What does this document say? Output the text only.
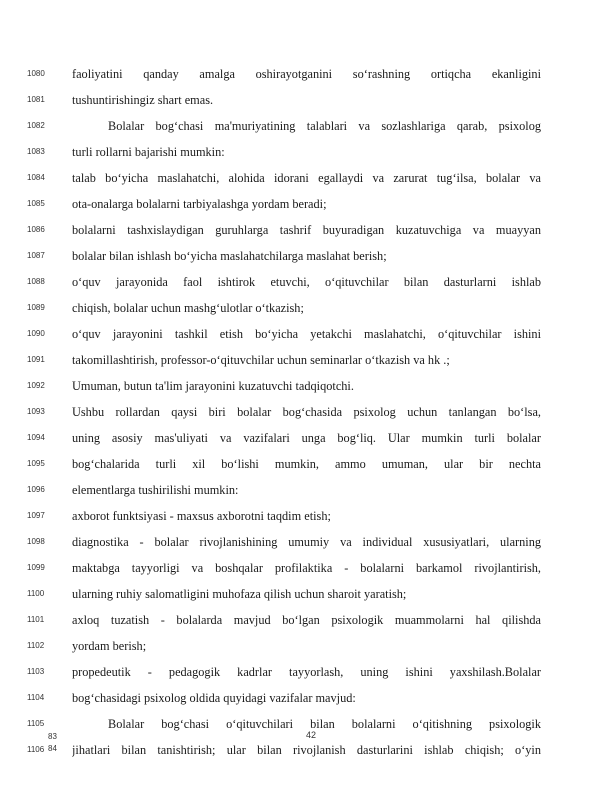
1080	faoliyatini qanday amalga oshirayotganini so‘rashning ortiqcha ekanligini
1081	tushuntirishingiz shart emas.
1082	Bolalar bog‘chasi ma'muriyatining talablari va sozlashlariga qarab, psixolog
1083	turli rollarni bajarishi mumkin:
1084	talab bo‘yicha maslahatchi, alohida idorani egallaydi va zarurat tug‘ilsa, bolalar va
1085	ota-onalarga bolalarni tarbiyalashga yordam beradi;
1086	bolalarni tashxislaydigan guruhlarga tashrif buyuradigan kuzatuvchiga va muayyan
1087	bolalar bilan ishlash bo‘yicha maslahatchilarga maslahat berish;
1088	o‘quv jarayonida faol ishtirok etuvchi, o‘qituvchilar bilan dasturlarni ishlab
1089	chiqish, bolalar uchun mashg‘ulotlar o‘tkazish;
1090	o‘quv jarayonini tashkil etish bo‘yicha yetakchi maslahatchi, o‘qituvchilar ishini
1091	takomillashtirish, professor-o‘qituvchilar uchun seminarlar o‘tkazish va hk .;
1092	Umuman, butun ta'lim jarayonini kuzatuvchi tadqiqotchi.
1093	Ushbu rollardan qaysi biri bolalar bog‘chasida psixolog uchun tanlangan bo‘lsa,
1094	uning asosiy mas'uliyati va vazifalari unga bog‘liq. Ular mumkin turli bolalar
1095	bog‘chalarida turli xil bo‘lishi mumkin, ammo umuman, ular bir nechta
1096	elementlarga tushirilishi mumkin:
1097	axborot funktsiyasi - maxsus axborotni taqdim etish;
1098	diagnostika - bolalar rivojlanishining umumiy va individual xususiyatlari, ularning
1099	maktabga tayyorligi va boshqalar profilaktika - bolalarni barkamol rivojlantirish,
1100	ularning ruhiy salomatligini muhofaza qilish uchun sharoit yaratish;
1101	axloq tuzatish - bolalarda mavjud bo‘lgan psixologik muammolarni hal qilishda
1102	yordam berish;
1103	propedeutik - pedagogik kadrlar tayyorlash, uning ishini yaxshilash.Bolalar
1104	bog‘chasidagi psixolog oldida quyidagi vazifalar mavjud:
1105	Bolalar bog‘chasi o‘qituvchilari bilan bolalarni o‘qitishning psixologik
1106	jihatlari bilan tanishtirish; ular bilan rivojlanish dasturlarini ishlab chiqish; o‘yin
42
83
84
